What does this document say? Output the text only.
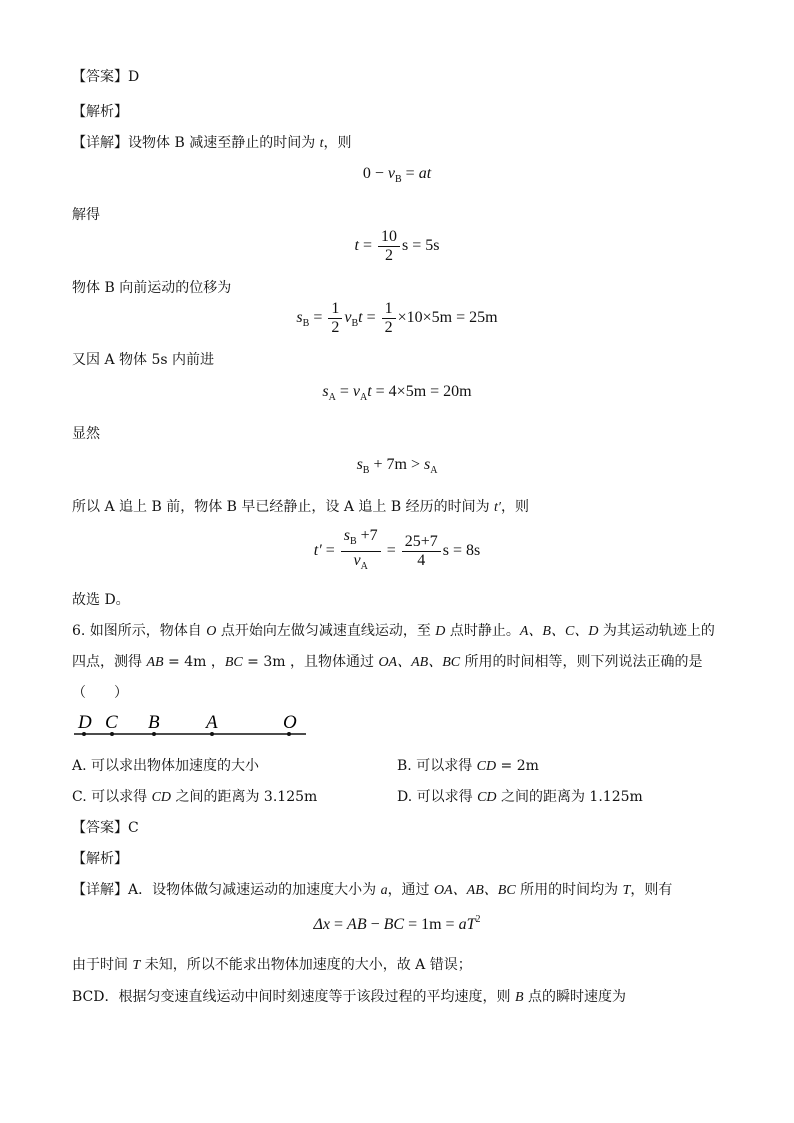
【答案】D
【解析】
【详解】设物体 B 减速至静止的时间为 t，则
$0 - v_B$ = at
解得
$t = \frac{10}{2}$ s = 5s
物体 B 向前运动的位移为
$s_B = \frac{1}{2} v_Bt = \frac{1}{2} \times 10\times 5m = 25m$
又因 A 物体 5s 内前进
$s_A = v_At = 4\times 5m = 20m$
显然
$s_B + 7m > s_A$
所以 A 追上 B 前，物体 B 早已经静止，设 A 追上 B 经历的时间为 t′，则
$t' = \frac{s_B +7}{v_A} = \frac{25+7}{4}$ s = 8s
故选 D。
6. 如图所示，物体自 O 点开始向左做匀减速直线运动，至 D 点时静止。A、B、C、D 为其运动轨迹上的
四点，测得 AB = 4m ，BC = 3m ，且物体通过 OA、AB、BC 所用的时间相等，则下列说法正确的是
（　　）
D C B A	O
A. 可以求出物体加速度的大小	B. 可以求得 CD = 2m
C. 可以求得 CD 之间的距离为 3.125m	D. 可以求得 CD 之间的距离为 1.125m
【答案】C
【解析】
【详解】A．设物体做匀减速运动的加速度大小为 a，通过 OA、AB、BC 所用的时间均为 T，则有
Δx = AB − BC = $1m = aT^2$
由于时间 T 未知，所以不能求出物体加速度的大小，故 A 错误；
BCD．根据匀变速直线运动中间时刻速度等于该段过程的平均速度，则 B 点的瞬时速度为
